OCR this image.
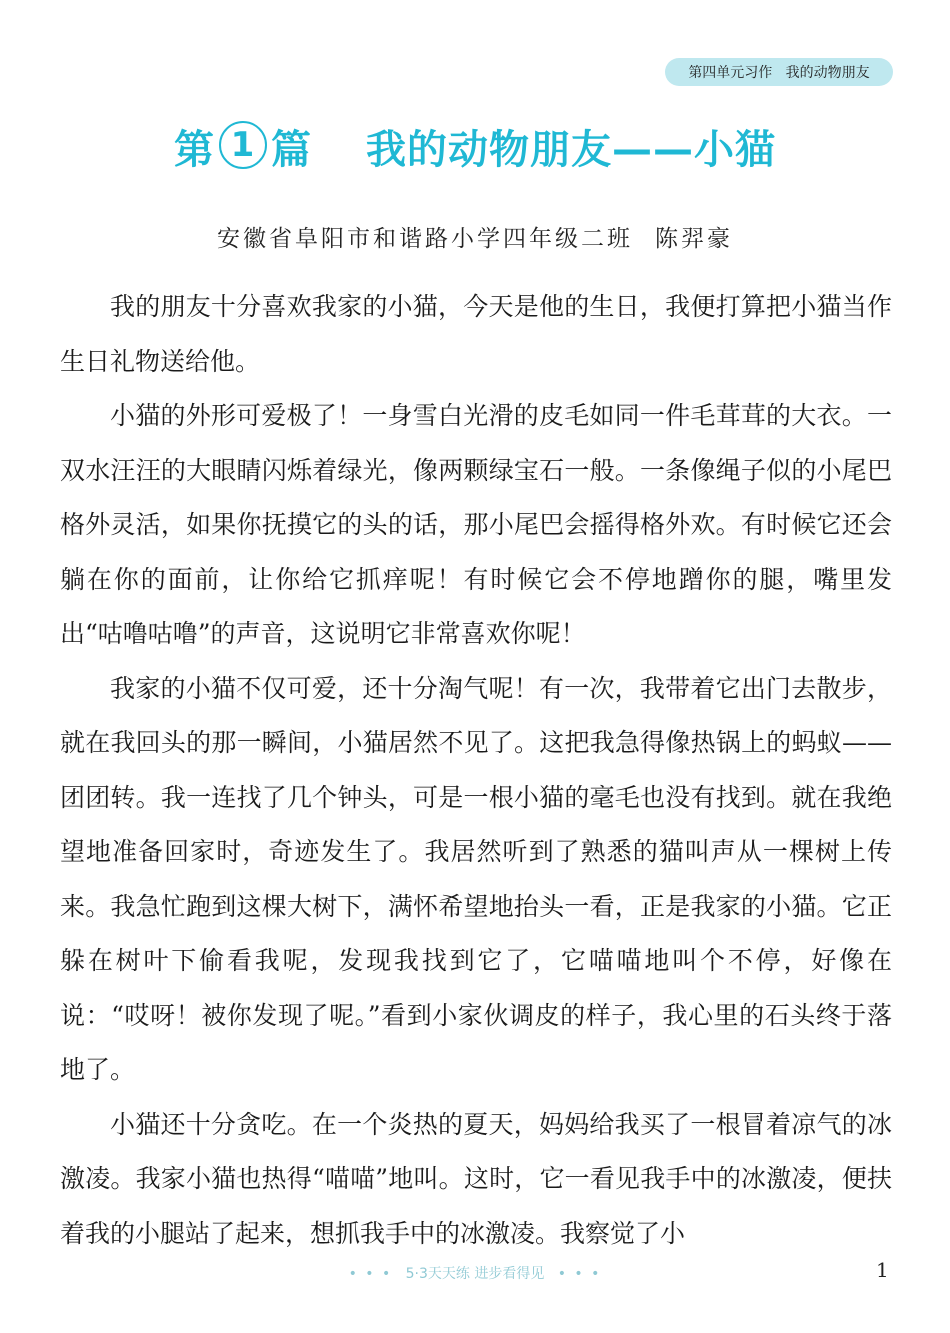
第四单元习作   我的动物朋友
第 1 篇 我的动物朋友——小猫
安徽省阜阳市和谐路小学四年级二班 陈羿豪

我的朋友十分喜欢我家的小猫，今天是他的生日，我便打算把小猫当作生日礼物送给他。

小猫的外形可爱极了！一身雪白光滑的皮毛如同一件毛茸茸的大衣。一双水汪汪的大眼睛闪烁着绿光，像两颗绿宝石一般。一条像绳子似的小尾巴格外灵活，如果你抚摸它的头的话，那小尾巴会摇得格外欢。有时候它还会躺在你的面前，让你给它抓痒呢！有时候它会不停地蹭你的腿，嘴里发出“咕噜咕噜”的声音，这说明它非常喜欢你呢！

我家的小猫不仅可爱，还十分淘气呢！有一次，我带着它出门去散步，就在我回头的那一瞬间，小猫居然不见了。这把我急得像热锅上的蚂蚁——团团转。我一连找了几个钟头，可是一根小猫的毫毛也没有找到。就在我绝望地准备回家时，奇迹发生了。我居然听到了熟悉的猫叫声从一棵树上传来。我急忙跑到这棵大树下，满怀希望地抬头一看，正是我家的小猫。它正躲在树叶下偷看我呢，发现我找到它了，它喵喵地叫个不停，好像在说：“哎呀！被你发现了呢。”看到小家伙调皮的样子，我心里的石头终于落地了。

小猫还十分贪吃。在一个炎热的夏天，妈妈给我买了一根冒着凉气的冰激凌。我家小猫也热得“喵喵”地叫。这时，它一看见我手中的冰激凌，便扶着我的小腿站了起来，想抓我手中的冰激凌。我察觉了小

• • • 5·3天天练 进步看得见 • • •	1
